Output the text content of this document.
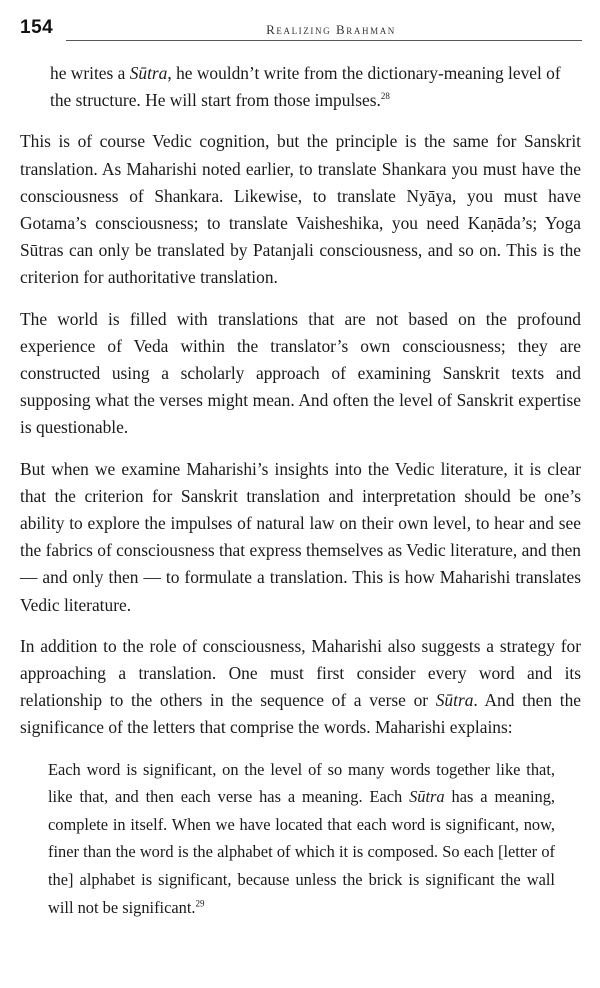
154	Realizing Brahman

he writes a Sūtra, he wouldn’t write from the dictionary-meaning level of the structure. He will start from those impulses.$^{28}$

This is of course Vedic cognition, but the principle is the same for Sanskrit translation. As Maharishi noted earlier, to translate Shankara you must have the consciousness of Shankara. Likewise, to translate Nyāya, you must have Gotama’s consciousness; to translate Vaisheshika, you need Kaṇāda’s; Yoga Sūtras can only be translated by Patanjali consciousness, and so on. This is the criterion for authoritative translation.

The world is filled with translations that are not based on the profound experience of Veda within the translator’s own consciousness; they are constructed using a scholarly approach of examining Sanskrit texts and supposing what the verses might mean. And often the level of Sanskrit expertise is questionable.

But when we examine Maharishi’s insights into the Vedic literature, it is clear that the criterion for Sanskrit translation and interpretation should be one’s ability to explore the impulses of natural law on their own level, to hear and see the fabrics of consciousness that express themselves as Vedic literature, and then — and only then — to formulate a translation. This is how Maharishi translates Vedic literature.

In addition to the role of consciousness, Maharishi also suggests a strategy for approaching a translation. One must first consider every word and its relationship to the others in the sequence of a verse or Sūtra. And then the significance of the letters that comprise the words. Maharishi explains:

Each word is significant, on the level of so many words together like that, like that, and then each verse has a meaning. Each Sūtra has a meaning, complete in itself. When we have located that each word is significant, now, finer than the word is the alphabet of which it is composed. So each [letter of the] alphabet is significant, because unless the brick is significant the wall will not be significant.$^{29}$
